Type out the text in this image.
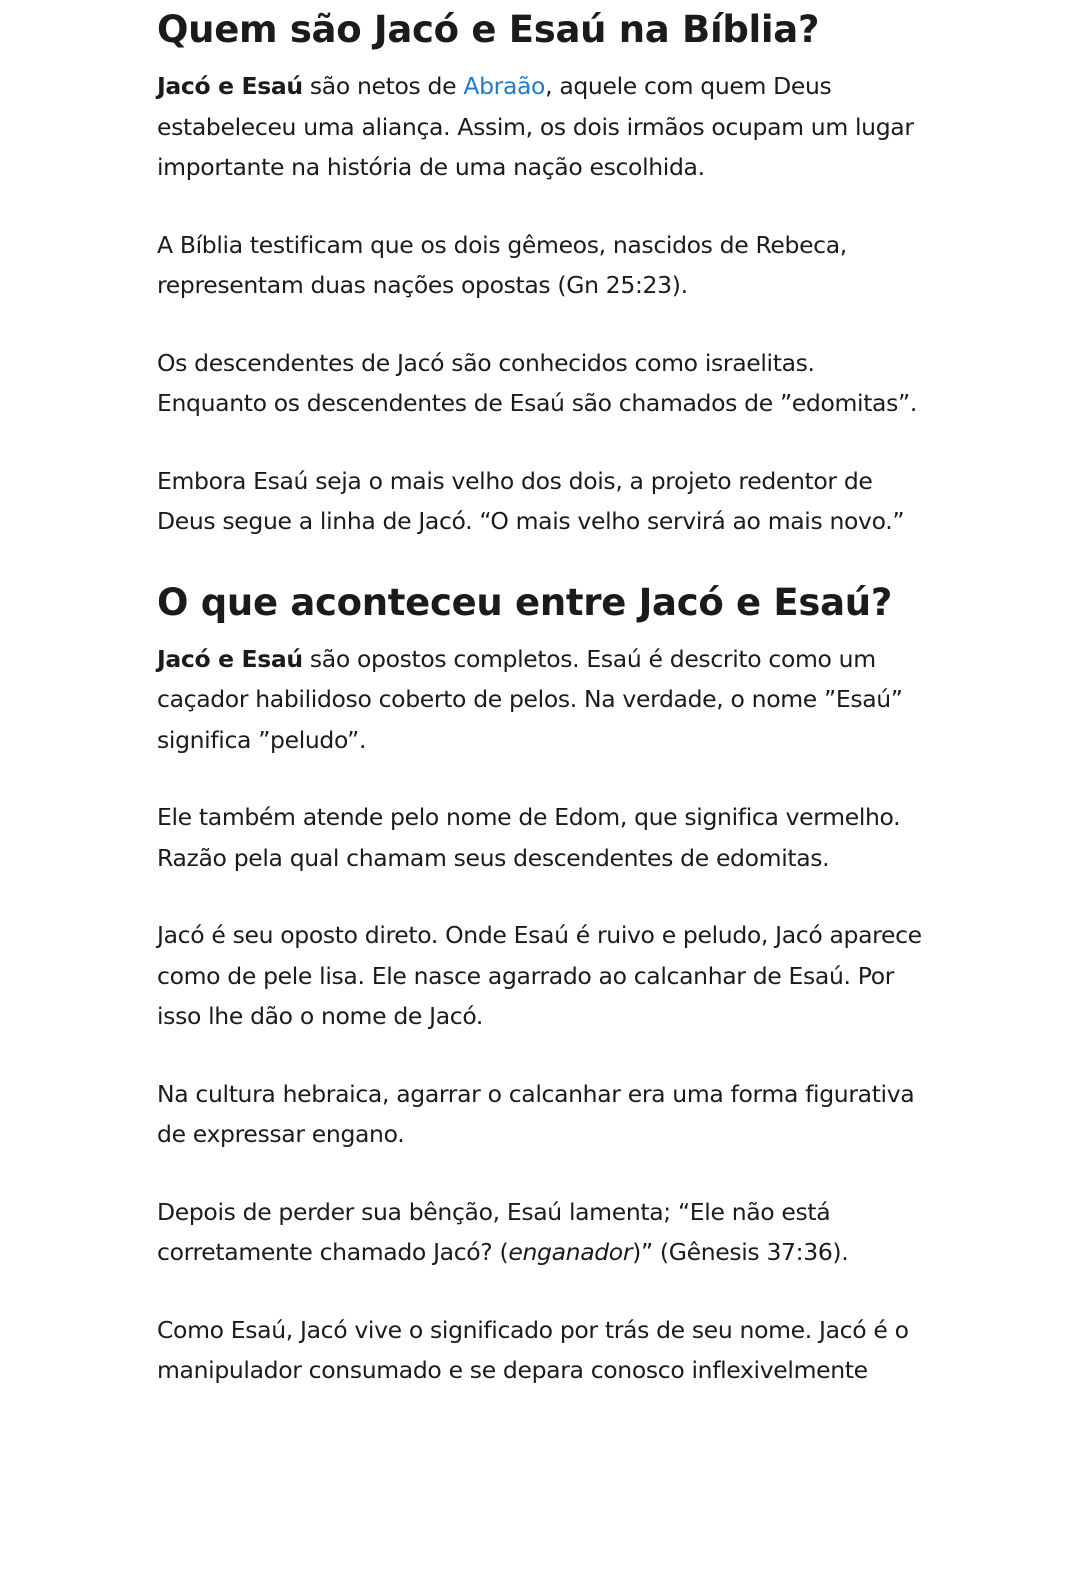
Quem são Jacó e Esaú na Bíblia?

Jacó e Esaú são netos de Abraão, aquele com quem Deus estabeleceu uma aliança. Assim, os dois irmãos ocupam um lugar importante na história de uma nação escolhida.

A Bíblia testificam que os dois gêmeos, nascidos de Rebeca, representam duas nações opostas (Gn 25:23).

Os descendentes de Jacó são conhecidos como israelitas. Enquanto os descendentes de Esaú são chamados de ”edomitas”.

Embora Esaú seja o mais velho dos dois, a projeto redentor de Deus segue a linha de Jacó. “O mais velho servirá ao mais novo.”

O que aconteceu entre Jacó e Esaú?

Jacó e Esaú são opostos completos. Esaú é descrito como um caçador habilidoso coberto de pelos. Na verdade, o nome ”Esaú” significa ”peludo”.

Ele também atende pelo nome de Edom, que significa vermelho. Razão pela qual chamam seus descendentes de edomitas.

Jacó é seu oposto direto. Onde Esaú é ruivo e peludo, Jacó aparece como de pele lisa. Ele nasce agarrado ao calcanhar de Esaú. Por isso lhe dão o nome de Jacó.

Na cultura hebraica, agarrar o calcanhar era uma forma figurativa de expressar engano.

Depois de perder sua bênção, Esaú lamenta; “Ele não está corretamente chamado Jacó? (enganador)” (Gênesis 37:36).

Como Esaú, Jacó vive o significado por trás de seu nome. Jacó é o manipulador consumado e se depara conosco inflexivelmente
